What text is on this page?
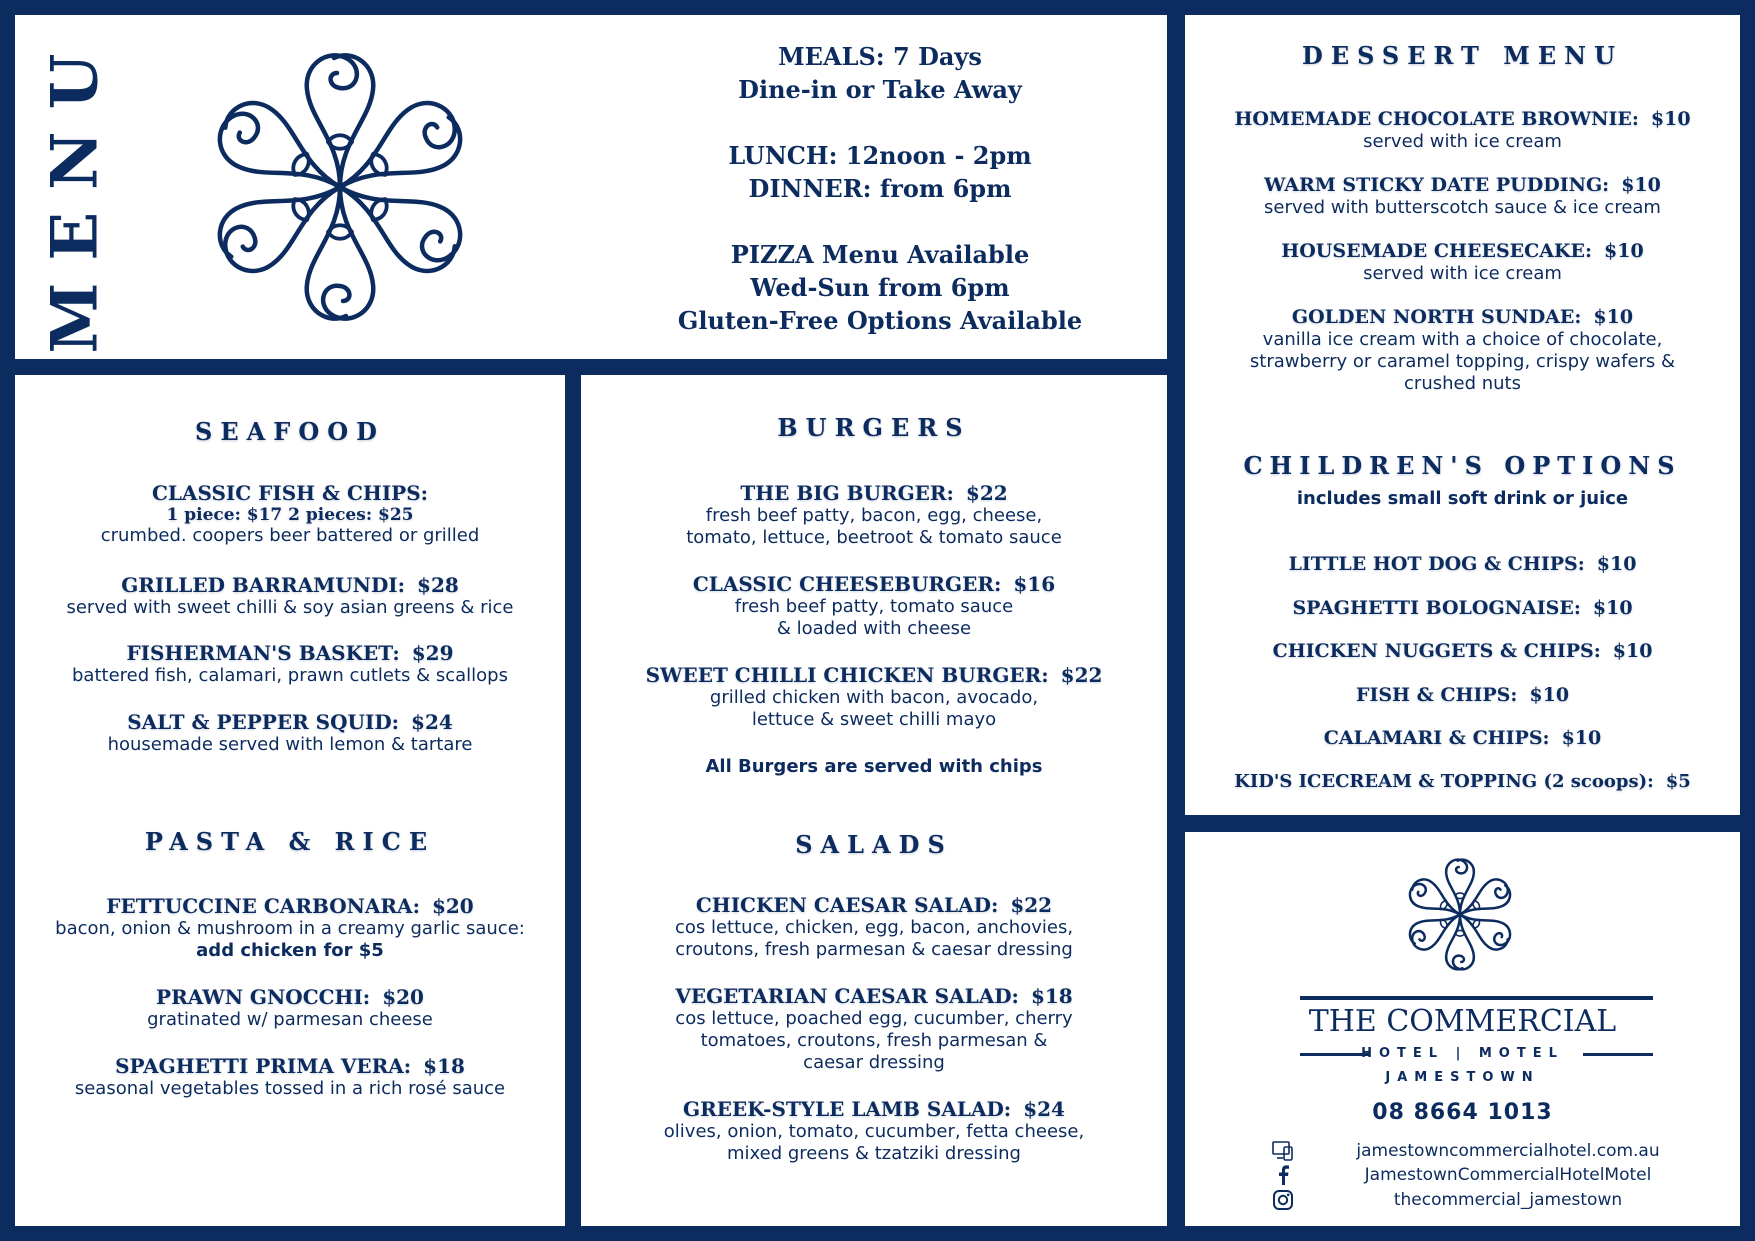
MENU	MEALS: 7 Days
Dine-in or Take Away
LUNCH: 12noon - 2pm
DINNER: from 6pm
PIZZA Menu Available
Wed-Sun from 6pm
Gluten-Free Options Available
SEAFOOD
CLASSIC FISH & CHIPS:
1 piece: $17 2 pieces: $25
crumbed. coopers beer battered or grilled
GRILLED BARRAMUNDI: $28
served with sweet chilli & soy asian greens & rice
FISHERMAN'S BASKET: $29
battered fish, calamari, prawn cutlets & scallops
SALT & PEPPER SQUID: $24
housemade served with lemon & tartare
PASTA & RICE
FETTUCCINE CARBONARA: $20
bacon, onion & mushroom in a creamy garlic sauce:
add chicken for $5
PRAWN GNOCCHI: $20
gratinated w/ parmesan cheese
SPAGHETTI PRIMA VERA: $18
seasonal vegetables tossed in a rich rosé sauce
BURGERS
THE BIG BURGER: $22
fresh beef patty, bacon, egg, cheese,
tomato, lettuce, beetroot & tomato sauce
CLASSIC CHEESEBURGER: $16
fresh beef patty, tomato sauce
& loaded with cheese
SWEET CHILLI CHICKEN BURGER: $22
grilled chicken with bacon, avocado,
lettuce & sweet chilli mayo
All Burgers are served with chips
SALADS
CHICKEN CAESAR SALAD: $22
cos lettuce, chicken, egg, bacon, anchovies,
croutons, fresh parmesan & caesar dressing
VEGETARIAN CAESAR SALAD: $18
cos lettuce, poached egg, cucumber, cherry
tomatoes, croutons, fresh parmesan &
caesar dressing
GREEK-STYLE LAMB SALAD: $24
olives, onion, tomato, cucumber, fetta cheese,
mixed greens & tzatziki dressing
DESSERT MENU
HOMEMADE CHOCOLATE BROWNIE: $10
served with ice cream
WARM STICKY DATE PUDDING: $10
served with butterscotch sauce & ice cream
HOUSEMADE CHEESECAKE: $10
served with ice cream
GOLDEN NORTH SUNDAE: $10
vanilla ice cream with a choice of chocolate,
strawberry or caramel topping, crispy wafers &
crushed nuts
CHILDREN'S OPTIONS
includes small soft drink or juice
LITTLE HOT DOG & CHIPS: $10
SPAGHETTI BOLOGNAISE: $10
CHICKEN NUGGETS & CHIPS: $10
FISH & CHIPS: $10
CALAMARI & CHIPS: $10
KID'S ICECREAM & TOPPING (2 scoops): $5
THE COMMERCIAL
HOTEL | MOTEL
JAMESTOWN
08 8664 1013
jamestowncommercialhotel.com.au
JamestownCommercialHotelMotel
thecommercial_jamestown
